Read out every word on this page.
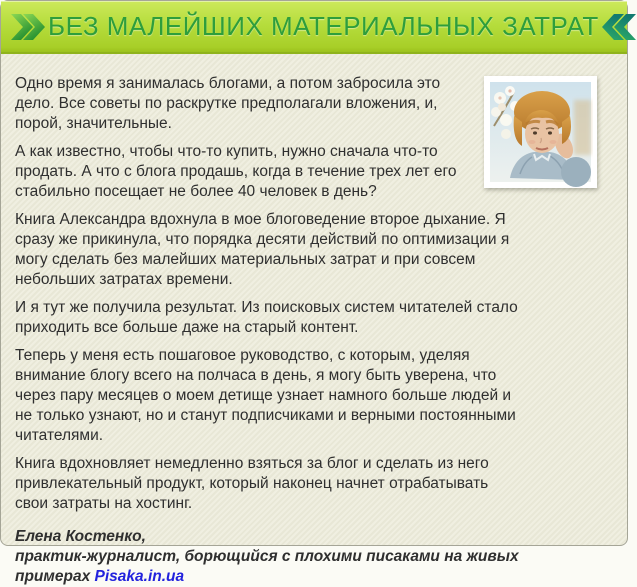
БЕЗ МАЛЕЙШИХ МАТЕРИАЛЬНЫХ ЗАТРАТ

Одно время я занималась блогами, а потом забросила это дело. Все советы по раскрутке предполагали вложения, и, порой, значительные.

А как известно, чтобы что-то купить, нужно сначала что-то продать. А что с блога продашь, когда в течение трех лет его стабильно посещает не более 40 человек в день?

Книга Александра вдохнула в мое блоговедение второе дыхание. Я сразу же прикинула, что порядка десяти действий по оптимизации я могу сделать без малейших материальных затрат и при совсем небольших затратах времени.

И я тут же получила результат. Из поисковых систем читателей стало приходить все больше даже на старый контент.

Теперь у меня есть пошаговое руководство, с которым, уделяя внимание блогу всего на полчаса в день, я могу быть уверена, что через пару месяцев о моем детище узнает намного больше людей и не только узнают, но и станут подписчиками и верными постоянными читателями.

Книга вдохновляет немедленно взяться за блог и сделать из него привлекательный продукт, который наконец начнет отрабатывать свои затраты на хостинг.

Елена Костенко,
практик-журналист, борющийся с плохими писаками на живых примерах Pisaka.in.ua
